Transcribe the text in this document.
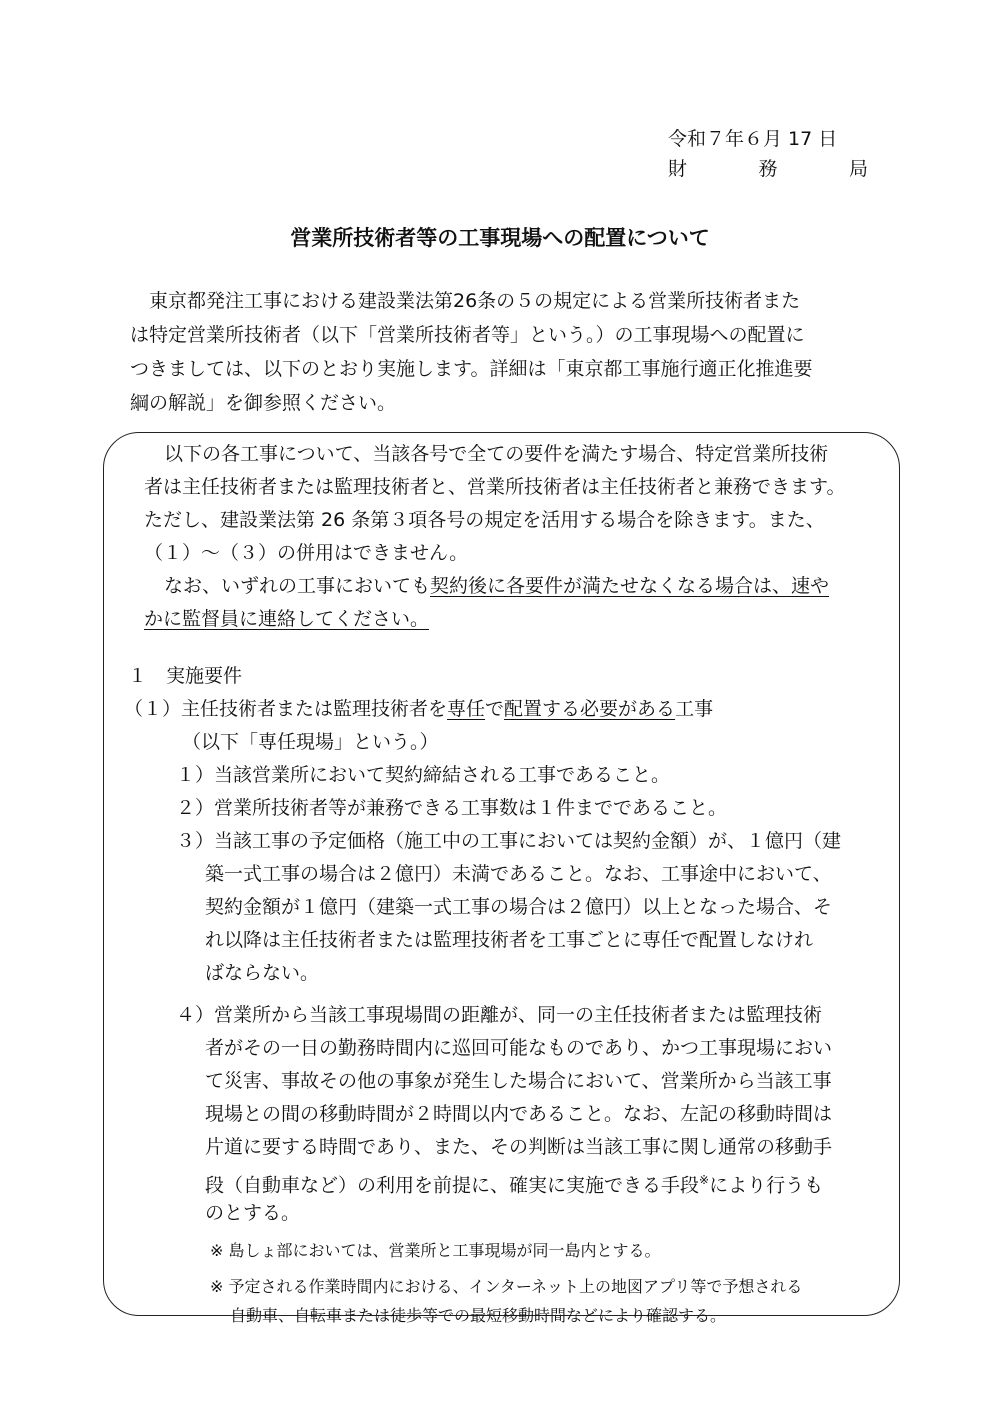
令和７年６月 17 日
財	務	局
営業所技術者等の工事現場への配置について
東京都発注工事における建設業法第26条の５の規定による営業所技術者また
は特定営業所技術者（以下「営業所技術者等」という。）の工事現場への配置に
つきましては、以下のとおり実施します。詳細は「東京都工事施行適正化推進要
綱の解説」を御参照ください。
以下の各工事について、当該各号で全ての要件を満たす場合、特定営業所技術
者は主任技術者または監理技術者と、営業所技術者は主任技術者と兼務できます。
ただし、建設業法第 26 条第３項各号の規定を活用する場合を除きます。また、
（１）～（３）の併用はできません。
なお、いずれの工事においても契約後に各要件が満たせなくなる場合は、速や
かに監督員に連絡してください。
１　実施要件
（１）主任技術者または監理技術者を専任で配置する必要がある工事
（以下「専任現場」という。）
１）当該営業所において契約締結される工事であること。
２）営業所技術者等が兼務できる工事数は１件までであること。
３）当該工事の予定価格（施工中の工事においては契約金額）が、１億円（建
築一式工事の場合は２億円）未満であること。なお、工事途中において、
契約金額が１億円（建築一式工事の場合は２億円）以上となった場合、そ
れ以降は主任技術者または監理技術者を工事ごとに専任で配置しなけれ
ばならない。
４）営業所から当該工事現場間の距離が、同一の主任技術者または監理技術
者がその一日の勤務時間内に巡回可能なものであり、かつ工事現場におい
て災害、事故その他の事象が発生した場合において、営業所から当該工事
現場との間の移動時間が２時間以内であること。なお、左記の移動時間は
片道に要する時間であり、また、その判断は当該工事に関し通常の移動手
段（自動車など）の利用を前提に、確実に実施できる手段※により行うも
のとする。
※ 島しょ部においては、営業所と工事現場が同一島内とする。
※ 予定される作業時間内における、インターネット上の地図アプリ等で予想される
自動車、自転車または徒歩等での最短移動時間などにより確認する。
